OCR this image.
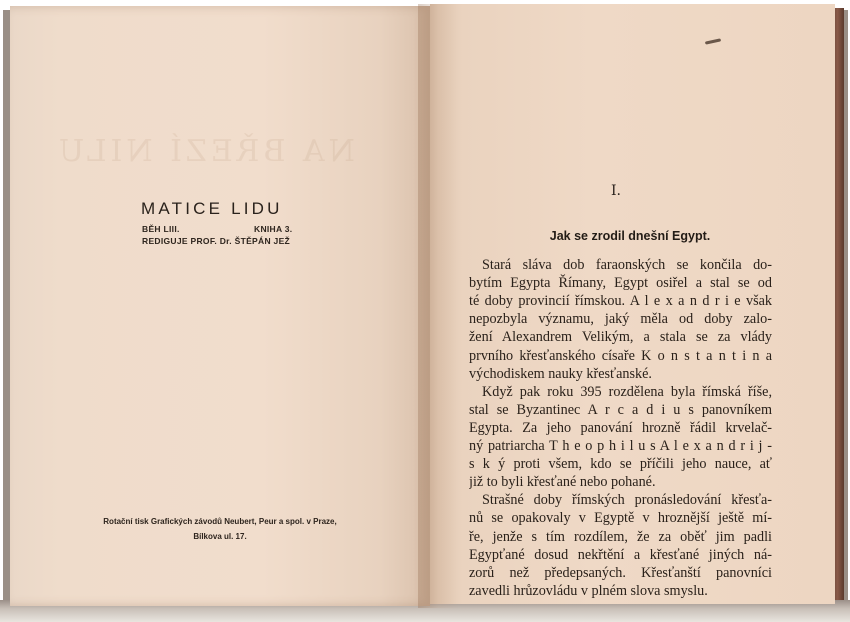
NA BŘEZÍ NILU
MATICE LIDU
BĚH LIII.	KNIHA 3.
REDIGUJE PROF. Dr. ŠTĚPÁN JEŽ
Rotační tisk Grafických závodů Neubert, Peur a spol. v Praze,
Bílkova ul. 17.
I.
Jak se zrodil dnešní Egypt.
Stará sláva dob faraonských se končila do-
bytím Egypta Římany, Egypt osiřel a stal se od
té doby provincií římskou. A l e x a n d r i e však
nepozbyla významu, jaký měla od doby zalo-
žení Alexandrem Velikým, a stala se za vlády
prvního křesťanského císaře K o n s t a n t i n a
východiskem nauky křesťanské.
Když pak roku 395 rozdělena byla římská říše,
stal se Byzantinec A r c a d i u s panovníkem
Egypta. Za jeho panování hrozně řádil krvelač-
ný patriarcha T h e o p h i l u s A l e x a n d r i j -
s k ý proti všem, kdo se příčili jeho nauce, ať
již to byli křesťané nebo pohané.
Strašné doby římských pronásledování křesťa-
nů se opakovaly v Egyptě v hroznější ještě mí-
ře, jenže s tím rozdílem, že za oběť jim padli
Egypťané dosud nekřtění a křesťané jiných ná-
zorů než předepsaných. Křesťanští panovníci
zavedli hrůzovládu v plném slova smyslu.
